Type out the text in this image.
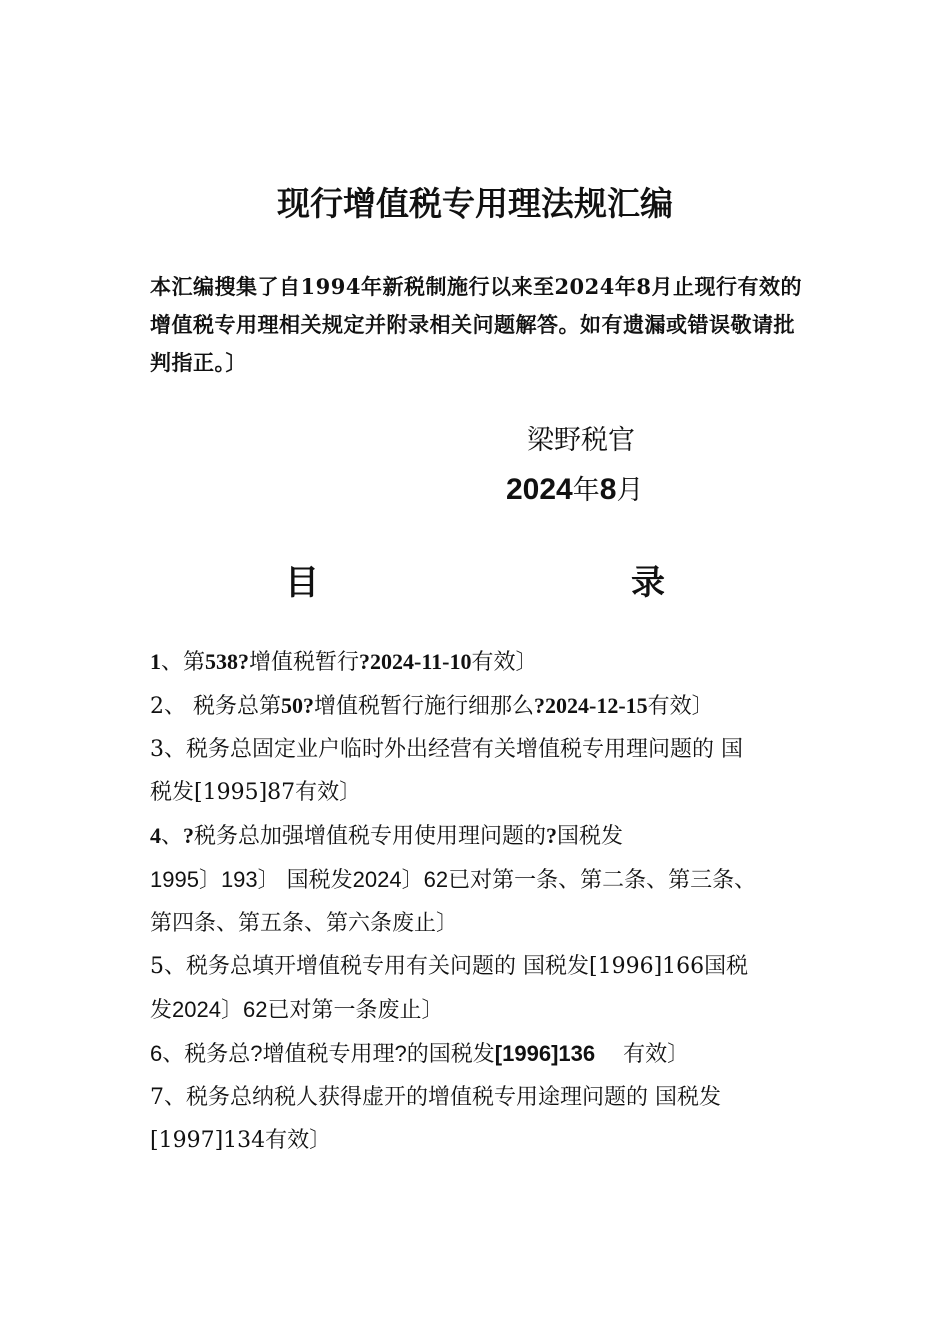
现行增值税专用理法规汇编
本汇编搜集了自1994年新税制施行以来至2024年8月止现行有效的增值税专用理相关规定并附录相关问题解答。如有遗漏或错误敬请批判指正。〕
梁野税官
2024年8月
目	录
1、第538?增值税暂行?2024-11-10有效〕
2、 税务总第50?增值税暂行施行细那么?2024-12-15有效〕
3、税务总固定业户临时外出经营有关增值税专用理问题的 国
税发[1995]87有效〕
4、?税务总加强增值税专用使用理问题的?国税发
1995〕193〕 国税发2024〕62已对第一条、第二条、第三条、
第四条、第五条、第六条废止〕
5、税务总填开增值税专用有关问题的 国税发[1996]166国税
发2024〕62已对第一条废止〕
6、税务总?增值税专用理?的国税发[1996]136 有效〕
7、税务总纳税人获得虚开的增值税专用途理问题的 国税发
[1997]134有效〕
